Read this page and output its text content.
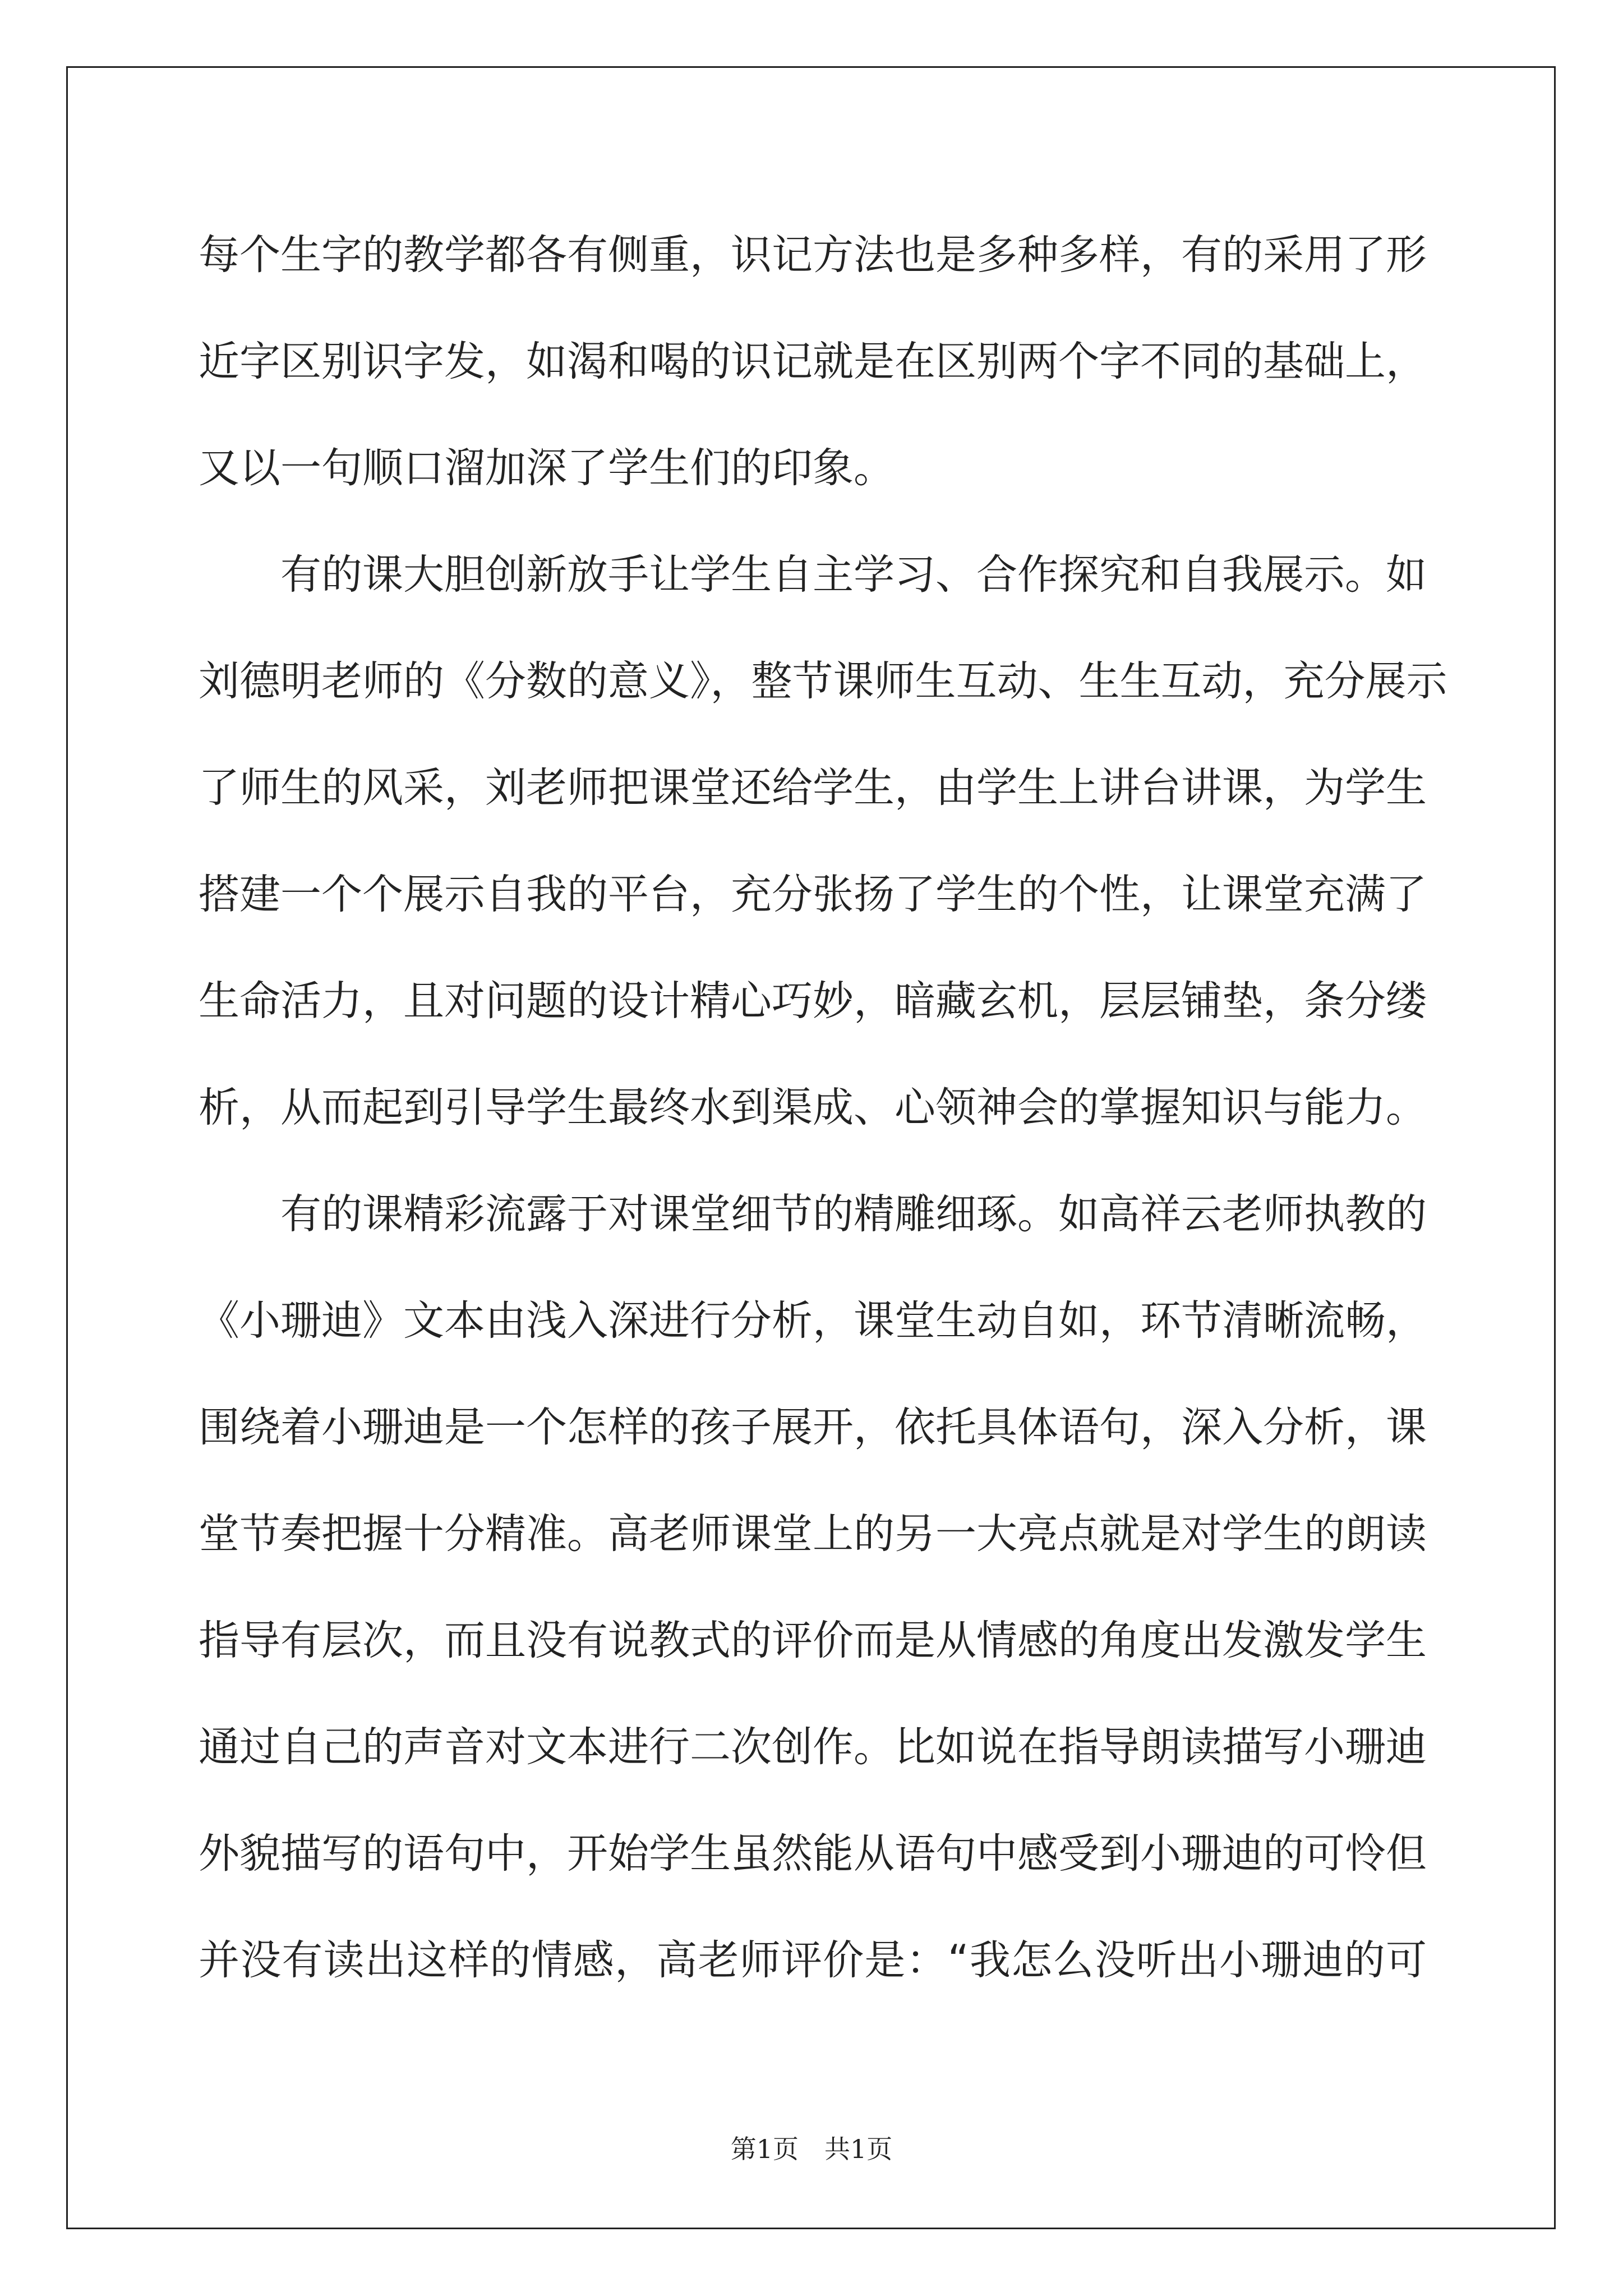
每个生字的教学都各有侧重，识记方法也是多种多样，有的采用了形
近字区别识字发，如渴和喝的识记就是在区别两个字不同的基础上，
又以一句顺口溜加深了学生们的印象。
有的课大胆创新放手让学生自主学习、合作探究和自我展示。如
刘德明老师的《分数的意义》，整节课师生互动、生生互动，充分展示
了师生的风采，刘老师把课堂还给学生，由学生上讲台讲课，为学生
搭建一个个展示自我的平台，充分张扬了学生的个性，让课堂充满了
生命活力，且对问题的设计精心巧妙，暗藏玄机，层层铺垫，条分缕
析，从而起到引导学生最终水到渠成、心领神会的掌握知识与能力。
有的课精彩流露于对课堂细节的精雕细琢。如高祥云老师执教的
《小珊迪》文本由浅入深进行分析，课堂生动自如，环节清晰流畅，
围绕着小珊迪是一个怎样的孩子展开，依托具体语句，深入分析，课
堂节奏把握十分精准。高老师课堂上的另一大亮点就是对学生的朗读
指导有层次，而且没有说教式的评价而是从情感的角度出发激发学生
通过自己的声音对文本进行二次创作。比如说在指导朗读描写小珊迪
外貌描写的语句中，开始学生虽然能从语句中感受到小珊迪的可怜但
并没有读出这样的情感，高老师评价是：“我怎么没听出小珊迪的可
第1页　共1页
